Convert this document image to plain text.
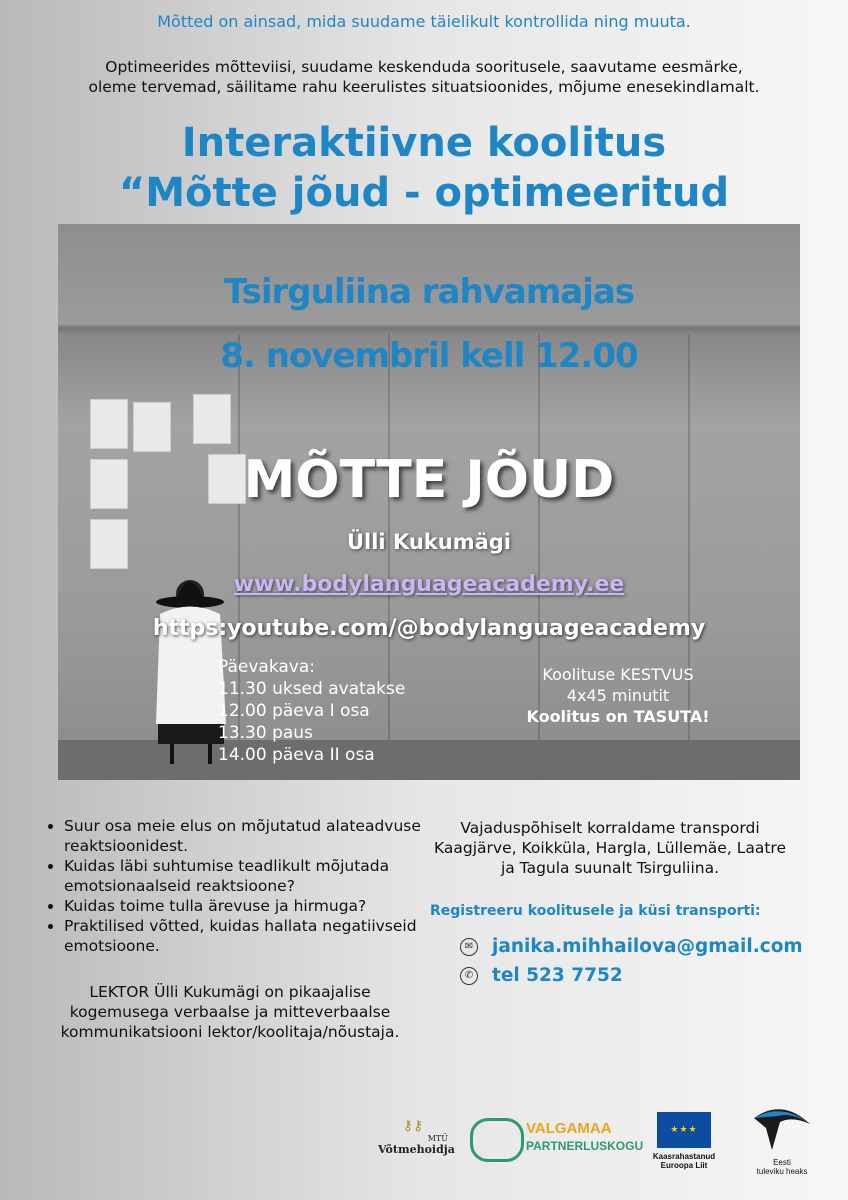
Mõtted on ainsad, mida suudame täielikult kontrollida ning muuta.
Optimeerides mõtteviisi, suudame keskenduda sooritusele, saavutame eesmärke,
oleme tervemad, säilitame rahu keerulistes situatsioonides, mõjume enesekindlamalt.
Interaktiivne koolitus
“Mõtte jõud - optimeeritud
Tsirguliina rahvamajas
8. novembril kell 12.00
MÕTTE JÕUD
Ülli Kukumägi
www.bodylanguageacademy.ee
https:youtube.com/@bodylanguageacademy
Päevakava:
11.30 uksed avatakse
12.00 päeva I osa
13.30 paus
14.00 päeva II osa
Koolituse KESTVUS
4x45 minutit
Koolitus on TASUTA!
• Suur osa meie elus on mõjutatud alateadvuse reaktsioonidest.
• Kuidas läbi suhtumise teadlikult mõjutada emotsionaalseid reaktsioone?
• Kuidas toime tulla ärevuse ja hirmuga?
• Praktilised võtted, kuidas hallata negatiivseid emotsioone.
LEKTOR Ülli Kukumägi on pikaajalise kogemusega verbaalse ja mitteverbaalse kommunikatsiooni lektor/koolitaja/nõustaja.
Vajaduspõhiselt korraldame transpordi Kaagjärve, Koikküla, Hargla, Lüllemäe, Laatre ja Tagula suunalt Tsirguliina.
Registreeru koolitusele ja küsi transporti:
✉ janika.mihhailova@gmail.com
✆ tel 523 7752
⚷⚷
MTÜ
Võtmehoidja
VALGAMAA
PARTNERLUSKOGU
★★★
Kaasrahastanud
Euroopa Liit	Eesti
tuleviku heaks
